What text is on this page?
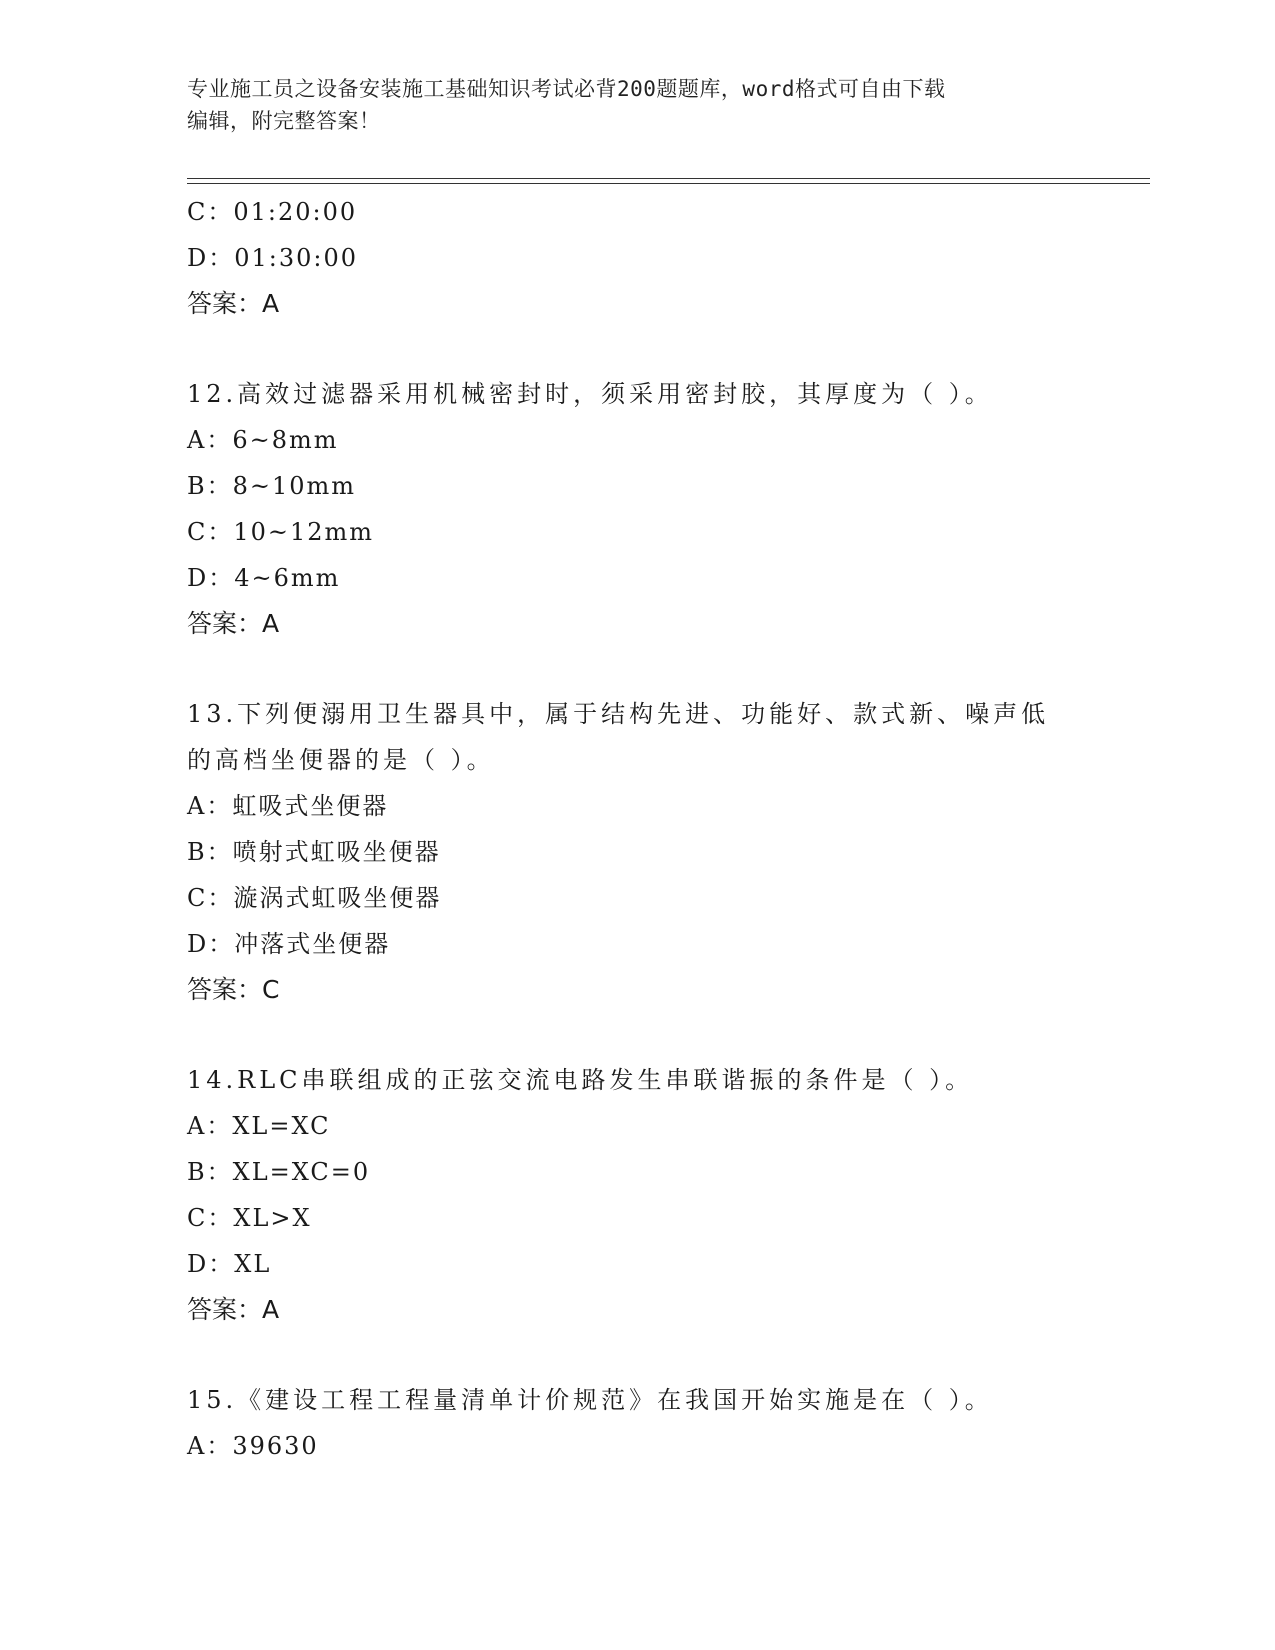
专业施工员之设备安装施工基础知识考试必背200题题库，word格式可自由下载
编辑，附完整答案！
C：01:20:00
D：01:30:00
答案：A
12.高效过滤器采用机械密封时，须采用密封胶，其厚度为（ ）。
A：6~8mm
B：8~10mm
C：10~12mm
D：4~6mm
答案：A
13.下列便溺用卫生器具中，属于结构先进、功能好、款式新、噪声低
的高档坐便器的是（ ）。
A：虹吸式坐便器
B：喷射式虹吸坐便器
C：漩涡式虹吸坐便器
D：冲落式坐便器
答案：C
14.RLC串联组成的正弦交流电路发生串联谐振的条件是（ ）。
A：XL=XC
B：XL=XC=0
C：XL>X
D：XL
答案：A
15.《建设工程工程量清单计价规范》在我国开始实施是在（ ）。
A：39630
